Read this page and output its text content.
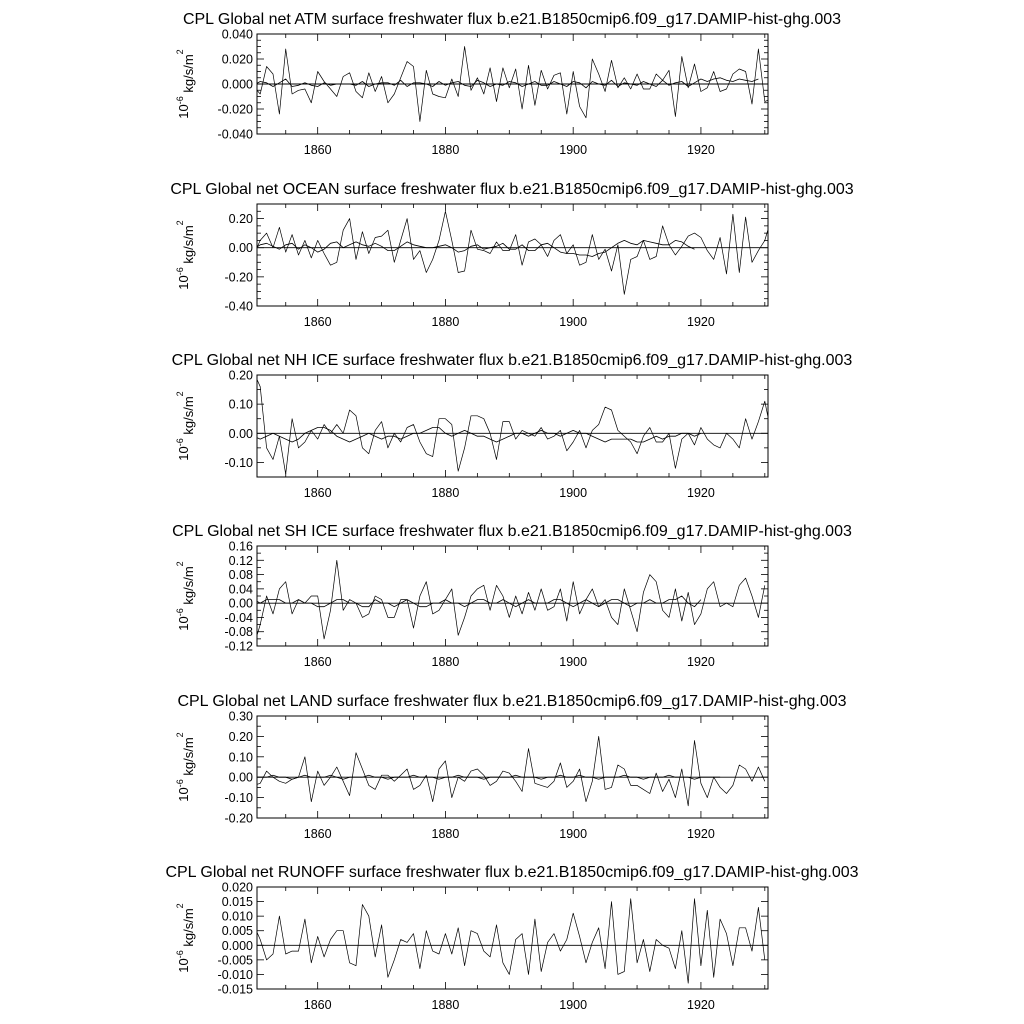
CPL Global net ATM surface freshwater flux b.e21.B1850cmip6.f09_g17.DAMIP-hist-ghg.003
1860	1880	1900	1920
-0.040
-0.020
0.000
0.020
0.040
$10^{-6}$ $kg/s/m^2$
CPL Global net OCEAN surface freshwater flux b.e21.B1850cmip6.f09_g17.DAMIP-hist-ghg.003
1860	1880	1900	1920
-0.40
-0.20
0.00
0.20
$10^{-6}$ $kg/s/m^2$
CPL Global net NH ICE surface freshwater flux b.e21.B1850cmip6.f09_g17.DAMIP-hist-ghg.003
1860	1880	1900	1920
-0.10
0.00
0.10
0.20
$10^{-6}$ $kg/s/m^2$
CPL Global net SH ICE surface freshwater flux b.e21.B1850cmip6.f09_g17.DAMIP-hist-ghg.003
1860	1880	1900	1920
-0.12
-0.08
-0.04
0.00
0.04
0.08
0.12
0.16
$10^{-6}$ $kg/s/m^2$
CPL Global net LAND surface freshwater flux b.e21.B1850cmip6.f09_g17.DAMIP-hist-ghg.003
1860	1880	1900	1920
-0.20
-0.10
0.00
0.10
0.20
0.30
$10^{-6}$ $kg/s/m^2$
CPL Global net RUNOFF surface freshwater flux b.e21.B1850cmip6.f09_g17.DAMIP-hist-ghg.003
1860	1880	1900	1920
-0.015
-0.010
-0.005
0.000
0.005
0.010
0.015
0.020
$10^{-6}$ $kg/s/m^2$
